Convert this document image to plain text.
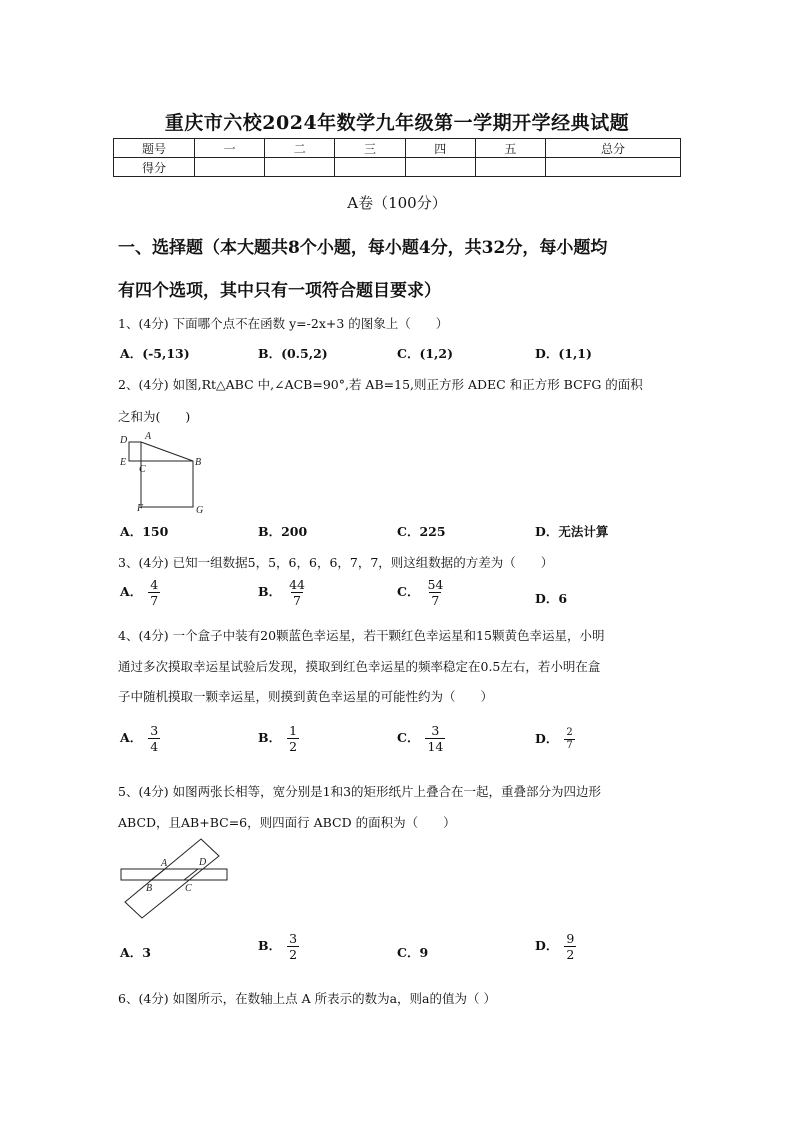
重庆市六校2024年数学九年级第一学期开学经典试题
题号	一	二	三	四	五	总分
得分						
A卷（100分）
一、选择题（本大题共8个小题，每小题4分，共32分，每小题均
有四个选项，其中只有一项符合题目要求）
1、(4分) 下面哪个点不在函数 y=-2x+3 的图象上（　　）
A．(-5,13)	B．(0.5,2)	C．(1,2)	D．(1,1)
2、(4分) 如图,Rt△ABC 中,∠ACB=90°,若 AB=15,则正方形 ADEC 和正方形 BCFG 的面积
之和为(　　)
D A
E
C
B
F	G
A．150	B．200	C．225	D．无法计算
3、(4分) 已知一组数据5，5，6，6，6，7，7，则这组数据的方差为（　　）
A． $\frac{4}{7}$	B． $\frac{44}{7}$	C． $\frac{54}{7}$	D．6
4、(4分) 一个盒子中装有20颗蓝色幸运星，若干颗红色幸运星和15颗黄色幸运星，小明
通过多次摸取幸运星试验后发现，摸取到红色幸运星的频率稳定在0.5左右，若小明在盒
子中随机摸取一颗幸运星，则摸到黄色幸运星的可能性约为（　　）
A． $\frac{3}{4}$	B． $\frac{1}{2}$	C． $\frac{3}{14}$	D． $\frac{2}{7}$
5、(4分) 如图两张长相等，宽分别是1和3的矩形纸片上叠合在一起，重叠部分为四边形
ABCD，且AB+BC=6，则四面行 ABCD 的面积为（　　）
A	D
B	C
A．3	B． $\frac{3}{2}$	C．9	D． $\frac{9}{2}$
6、(4分) 如图所示，在数轴上点 A 所表示的数为a，则a的值为（ ）
